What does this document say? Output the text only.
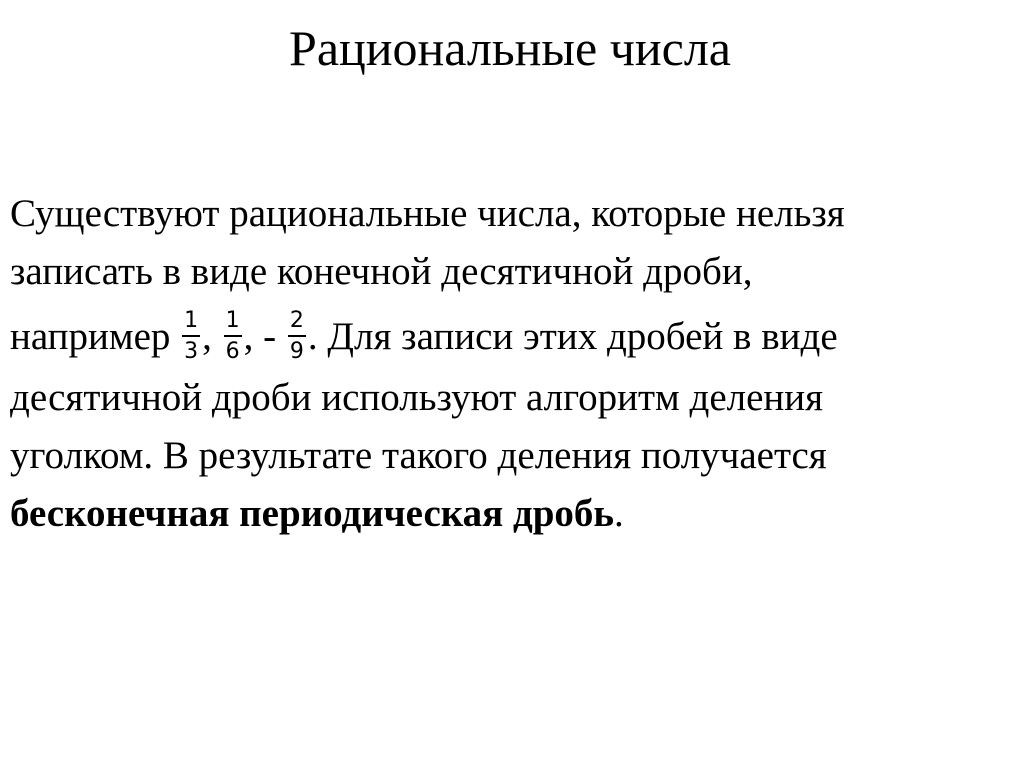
Рациональные числа
Существуют рациональные числа, которые нельзя
записать в виде конечной десятичной дроби,
например $\frac{1}{3}$ , $\frac{1}{6}$ , - $\frac{2}{9}$ . Для записи этих дробей в виде
десятичной дроби используют алгоритм деления
уголком. В результате такого деления получается
бесконечная периодическая дробь.
